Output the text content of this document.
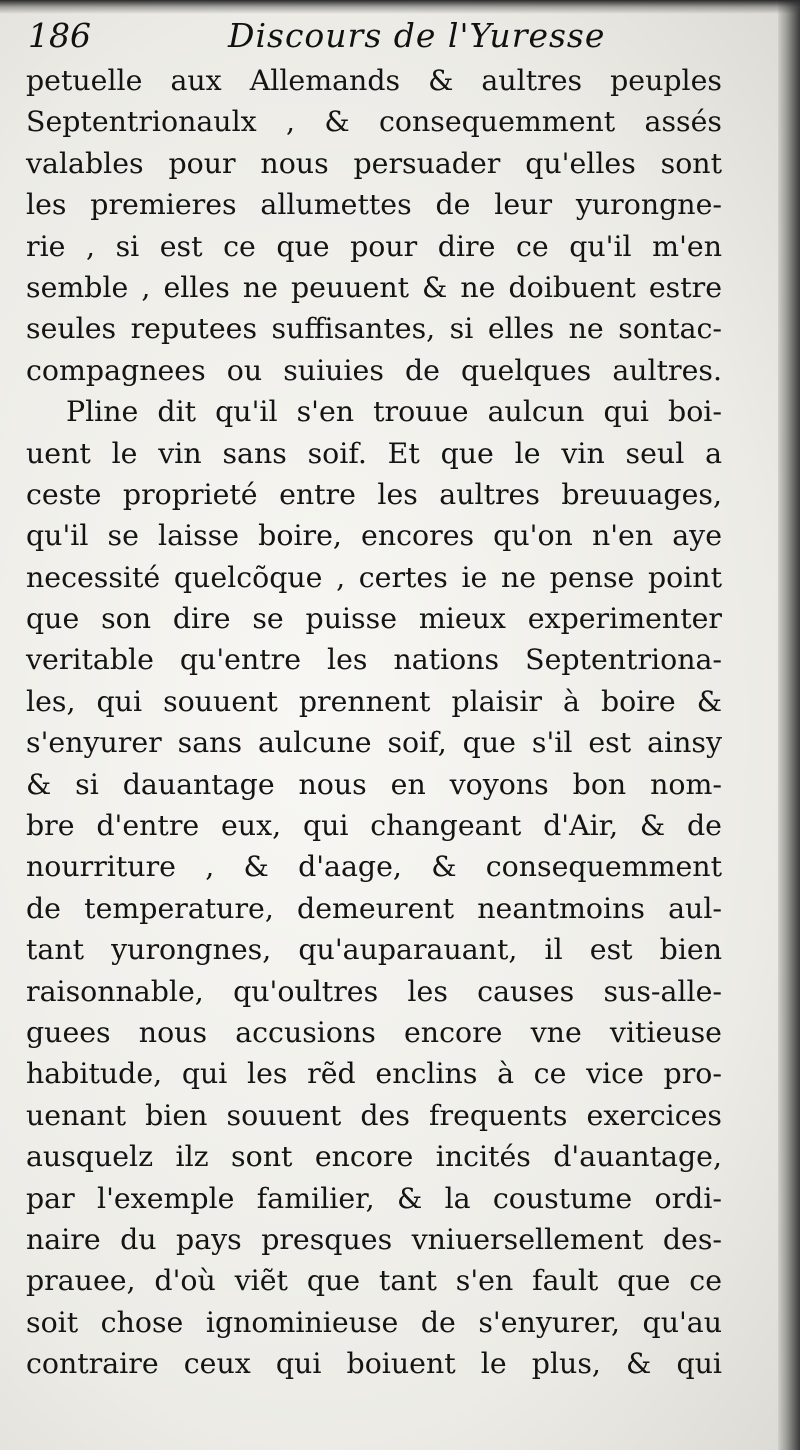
186	Discours de l'Yuresse
petuelle aux Allemands & aultres peuples
Septentrionaulx , & consequemment assés
valables pour nous persuader qu'elles sont
les premieres allumettes de leur yurongne-
rie , si est ce que pour dire ce qu'il m'en
semble , elles ne peuuent & ne doibuent estre
seules reputees suffisantes, si elles ne sontac-
compagnees ou suiuies de quelques aultres.
Pline dit qu'il s'en trouue aulcun qui boi-
uent le vin sans soif. Et que le vin seul a
ceste proprieté entre les aultres breuuages,
qu'il se laisse boire, encores qu'on n'en aye
necessité quelcõque , certes ie ne pense point
que son dire se puisse mieux experimenter
veritable qu'entre les nations Septentriona-
les, qui souuent prennent plaisir à boire &
s'enyurer sans aulcune soif, que s'il est ainsy
& si dauantage nous en voyons bon nom-
bre d'entre eux, qui changeant d'Air, & de
nourriture , & d'aage, & consequemment
de temperature, demeurent neantmoins aul-
tant yurongnes, qu'auparauant, il est bien
raisonnable, qu'oultres les causes sus-alle-
guees nous accusions encore vne vitieuse
habitude, qui les rẽd enclins à ce vice pro-
uenant bien souuent des frequents exercices
ausquelz ilz sont encore incités d'auantage,
par l'exemple familier, & la coustume ordi-
naire du pays presques vniuersellement des-
prauee, d'où viẽt que tant s'en fault que ce
soit chose ignominieuse de s'enyurer, qu'au
contraire ceux qui boiuent le plus, & qui
